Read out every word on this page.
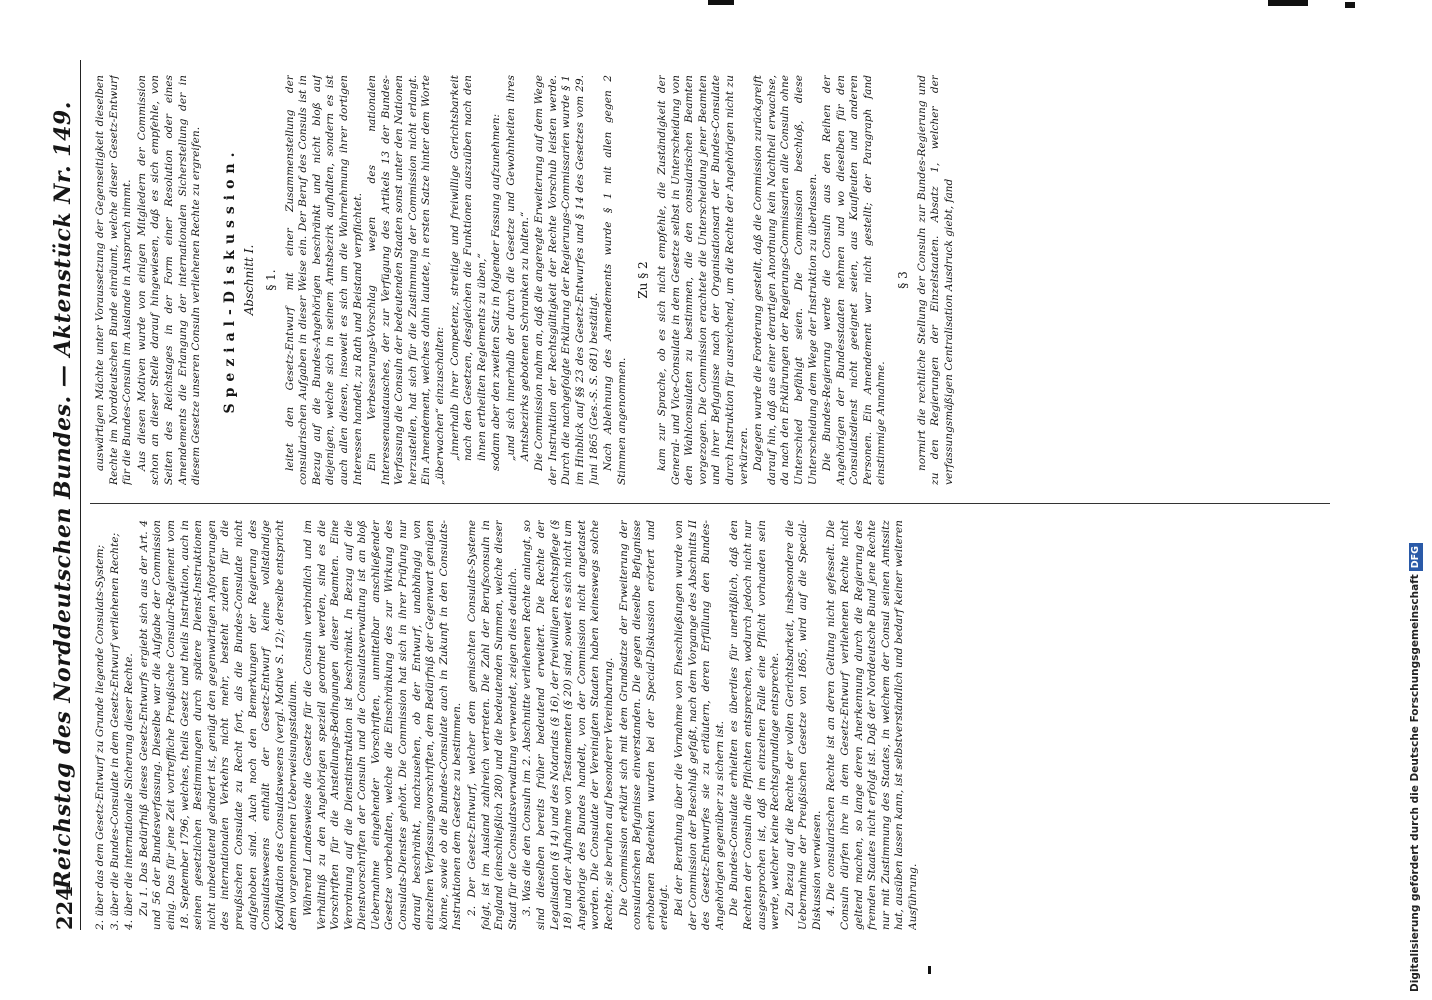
224
Reichstag des Norddeutschen Bundes. — Aktenstück Nr. 149. 2. über das dem Gesetz-Entwurf zu Grunde liegende Consulats-System; 3. über die Bundes-Consulate in dem Gesetz-Entwurf verliehenen Rechte; 4. über die internationale Sicherung dieser Rechte. Zu 1. Das Bedürfniß dieses Gesetz-Entwurfs ergiebt sich aus der Art. 4 und 56 der Bundesverfassung. Dieselbe war die Aufgabe der Commission einig. Das für jene Zeit vortreffliche Preußische Consular-Reglement vom 18. September 1796, welches, theils Gesetz und theils Instruktion, auch in seinen gesetzlichen Bestimmungen durch spätere Dienst-Instruktionen nicht unbedeutend geändert ist, genügt den gegenwärtigen Anforderungen des internationalen Verkehrs nicht mehr, besteht zudem für die preußischen Consulate zu Recht fort, als die Bundes-Consulate nicht aufgehoben sind. Auch noch den Bemerkungen der Regierung des Consulatswesens enthält der Gesetz-Entwurf keine vollständige Kodifikation des Consulatswesens (vergl. Motive S. 12); derselbe entspricht dem vorgenommenen Ueberweisungsstadium. Während Landesweise die Gesetze für die Consuln verbindlich und im Verhältniß zu den Angehörigen speziell geordnet werden, sind es die Vorschriften für die Anstellungs-Bedingungen dieser Beamten. Eine Verordnung auf die Dienstinstruktion ist beschränkt. In Bezug auf die Dienstvorschriften der Consuln und die Consulatsverwaltung ist an bloß Uebernahme eingehender Vorschriften, unmittelbar anschließender Gesetze vorbehalten, welche die Einschränkung des zur Wirkung des Consulats-Dienstes gehört. Die Commission hat sich in ihrer Prüfung nur darauf beschränkt, nachzusehen, ob der Entwurf, unabhängig von einzelnen Verfassungsvorschriften, dem Bedürfniß der Gegenwart genügen könne, sowie ob die Bundes-Consulate auch in Zukunft in den Consulats-Instruktionen dem Gesetze zu bestimmen. 2. Der Gesetz-Entwurf, welcher dem gemischten Consulats-Systeme folgt, ist im Ausland zahlreich vertreten. Die Zahl der Berufsconsuln in England (einschließlich 280) und die bedeutenden Summen, welche dieser Staat für die Consulatsverwaltung verwendet, zeigen dies deutlich. 3. Was die den Consuln im 2. Abschnitte verliehenen Rechte anlangt, so sind dieselben bereits früher bedeutend erweitert. Die Rechte der Legalisation (§ 14) und des Notariats (§ 16), der freiwilligen Rechtspflege (§ 18) und der Aufnahme von Testamenten (§ 20) sind, soweit es sich nicht um Angehörige des Bundes handelt, von der Commission nicht angetastet worden. Die Consulate der Vereinigten Staaten haben keineswegs solche Rechte, sie beruhen auf besonderer Vereinbarung. Die Commission erklärt sich mit dem Grundsatze der Erweiterung der consularischen Befugnisse einverstanden. Die gegen dieselbe Befugnisse erhobenen Bedenken wurden bei der Special-Diskussion erörtert und erledigt. Bei der Berathung über die Vornahme von Eheschließungen wurde von der Commission der Beschluß gefaßt, nach dem Vorgange des Abschnitts II des Gesetz-Entwurfes sie zu erläutern, deren Erfüllung den Bundes-Angehörigen gegenüber zu sichern ist. Die Bundes-Consulate erhielten es überdies für unerläßlich, daß den Rechten der Consuln die Pflichten entsprechen, wodurch jedoch nicht nur ausgesprochen ist, daß im einzelnen Falle eine Pflicht vorhanden sein werde, welcher keine Rechtsgrundlage entspreche. Zu Bezug auf die Rechte der vollen Gerichtsbarkeit, insbesondere die Uebernahme der Preußischen Gesetze von 1865, wird auf die Special-Diskussion verwiesen. 4. Die consularischen Rechte ist an deren Geltung nicht gefesselt. Die Consuln dürfen ihre in dem Gesetz-Entwurf verliehenen Rechte nicht geltend machen, so lange deren Anerkennung durch die Regierung des fremden Staates nicht erfolgt ist. Daß der Norddeutsche Bund jene Rechte nur mit Zustimmung des Staates, in welchem der Consul seinen Amtssitz hat, ausüben lassen kann, ist selbstverständlich und bedarf keiner weiteren Ausführung.

auswärtigen Mächte unter Voraussetzung der Gegenseitigkeit dieselben Rechte im Norddeutschen Bunde einräumt, welche dieser Gesetz-Entwurf für die Bundes-Consuln im Auslande in Anspruch nimmt. Aus diesen Motiven wurde von einigen Mitgliedern der Commission schon an dieser Stelle darauf hingewiesen, daß es sich empfehle, von Seiten des Reichstages in der Form einer Resolution oder eines Amendements die Erlangung der internationalen Sicherstellung der in diesem Gesetze unseren Consuln verliehenen Rechte zu ergreifen. Spezial-Diskussion. Abschnitt I. § 1. leitet den Gesetz-Entwurf mit einer Zusammenstellung der consularischen Aufgaben in dieser Weise ein. Der Beruf des Consuls ist in Bezug auf die Bundes-Angehörigen beschränkt und nicht bloß auf diejenigen, welche sich in seinem Amtsbezirk aufhalten, sondern es ist auch allen diesen, insoweit es sich um die Wahrnehmung ihrer dortigen Interessen handelt, zu Rath und Beistand verpflichtet. Ein Verbesserungs-Vorschlag wegen des nationalen Interessenaustausches, der zur Verfügung des Artikels 13 der Bundes-Verfassung die Consuln der bedeutenden Staaten sonst unter den Nationen herzustellen, hat sich für die Zustimmung der Commission nicht erlangt. Ein Amendement, welches dahin lautete, in ersten Satze hinter dem Worte „überwachen“ einzuschalten: „innerhalb ihrer Competenz, streitige und freiwillige Gerichtsbarkeit nach den Gesetzen, desgleichen die Funktionen auszuüben nach den ihnen ertheilten Reglements zu üben,“ sodann aber den zweiten Satz in folgender Fassung aufzunehmen: „und sich innerhalb der durch die Gesetze und Gewohnheiten ihres Amtsbezirks gebotenen Schranken zu halten.“ Die Commission nahm an, daß die angeregte Erweiterung auf dem Wege der Instruktion der Rechtsgültigkeit der Rechte Vorschub leisten werde. Durch die nachgefolgte Erklärung der Regierungs-Commissarien wurde § 1 im Hinblick auf §§ 23 des Gesetz-Entwurfes und § 14 des Gesetzes vom 29. Juni 1865 (Ges.-S. S. 681) bestätigt. Nach Ablehnung des Amendements wurde § 1 mit allen gegen 2 Stimmen angenommen.

Zu § 2 kam zur Sprache, ob es sich nicht empfehle, die Zuständigkeit der General- und Vice-Consulate in dem Gesetze selbst in Unterscheidung von den Wahlconsulaten zu bestimmen, die den consularischen Beamten vorgezogen. Die Commission erachtete die Unterscheidung jener Beamten und ihrer Befugnisse nach der Organisationsart der Bundes-Consulate durch Instruktion für ausreichend, um die Rechte der Angehörigen nicht zu verkürzen. Dagegen wurde die Forderung gestellt, daß die Commission zurückgreift darauf hin, daß aus einer derartigen Anordnung kein Nachtheil erwachse, da nach den Erklärungen der Regierungs-Commissarien alle Consuln ohne Unterschied befähigt seien. Die Commission beschloß, diese Unterscheidung dem Wege der Instruktion zu überlassen. Die Bundes-Regierung werde die Consuln aus den Reihen der Angehörigen der Bundesstaaten nehmen und wo dieselben für den Consulatsdienst nicht geeignet seien, aus Kaufleuten und anderen Personen. Ein Amendement war nicht gestellt; der Paragraph fand einstimmige Annahme.

§ 3 normirt die rechtliche Stellung der Consuln zur Bundes-Regierung und zu den Regierungen der Einzelstaaten. Absatz 1, welcher der verfassungsmäßigen Centralisation Ausdruck giebt, fand

Digitalisierung gefördert durch die Deutsche ForschungsgemeinschaftDFG
